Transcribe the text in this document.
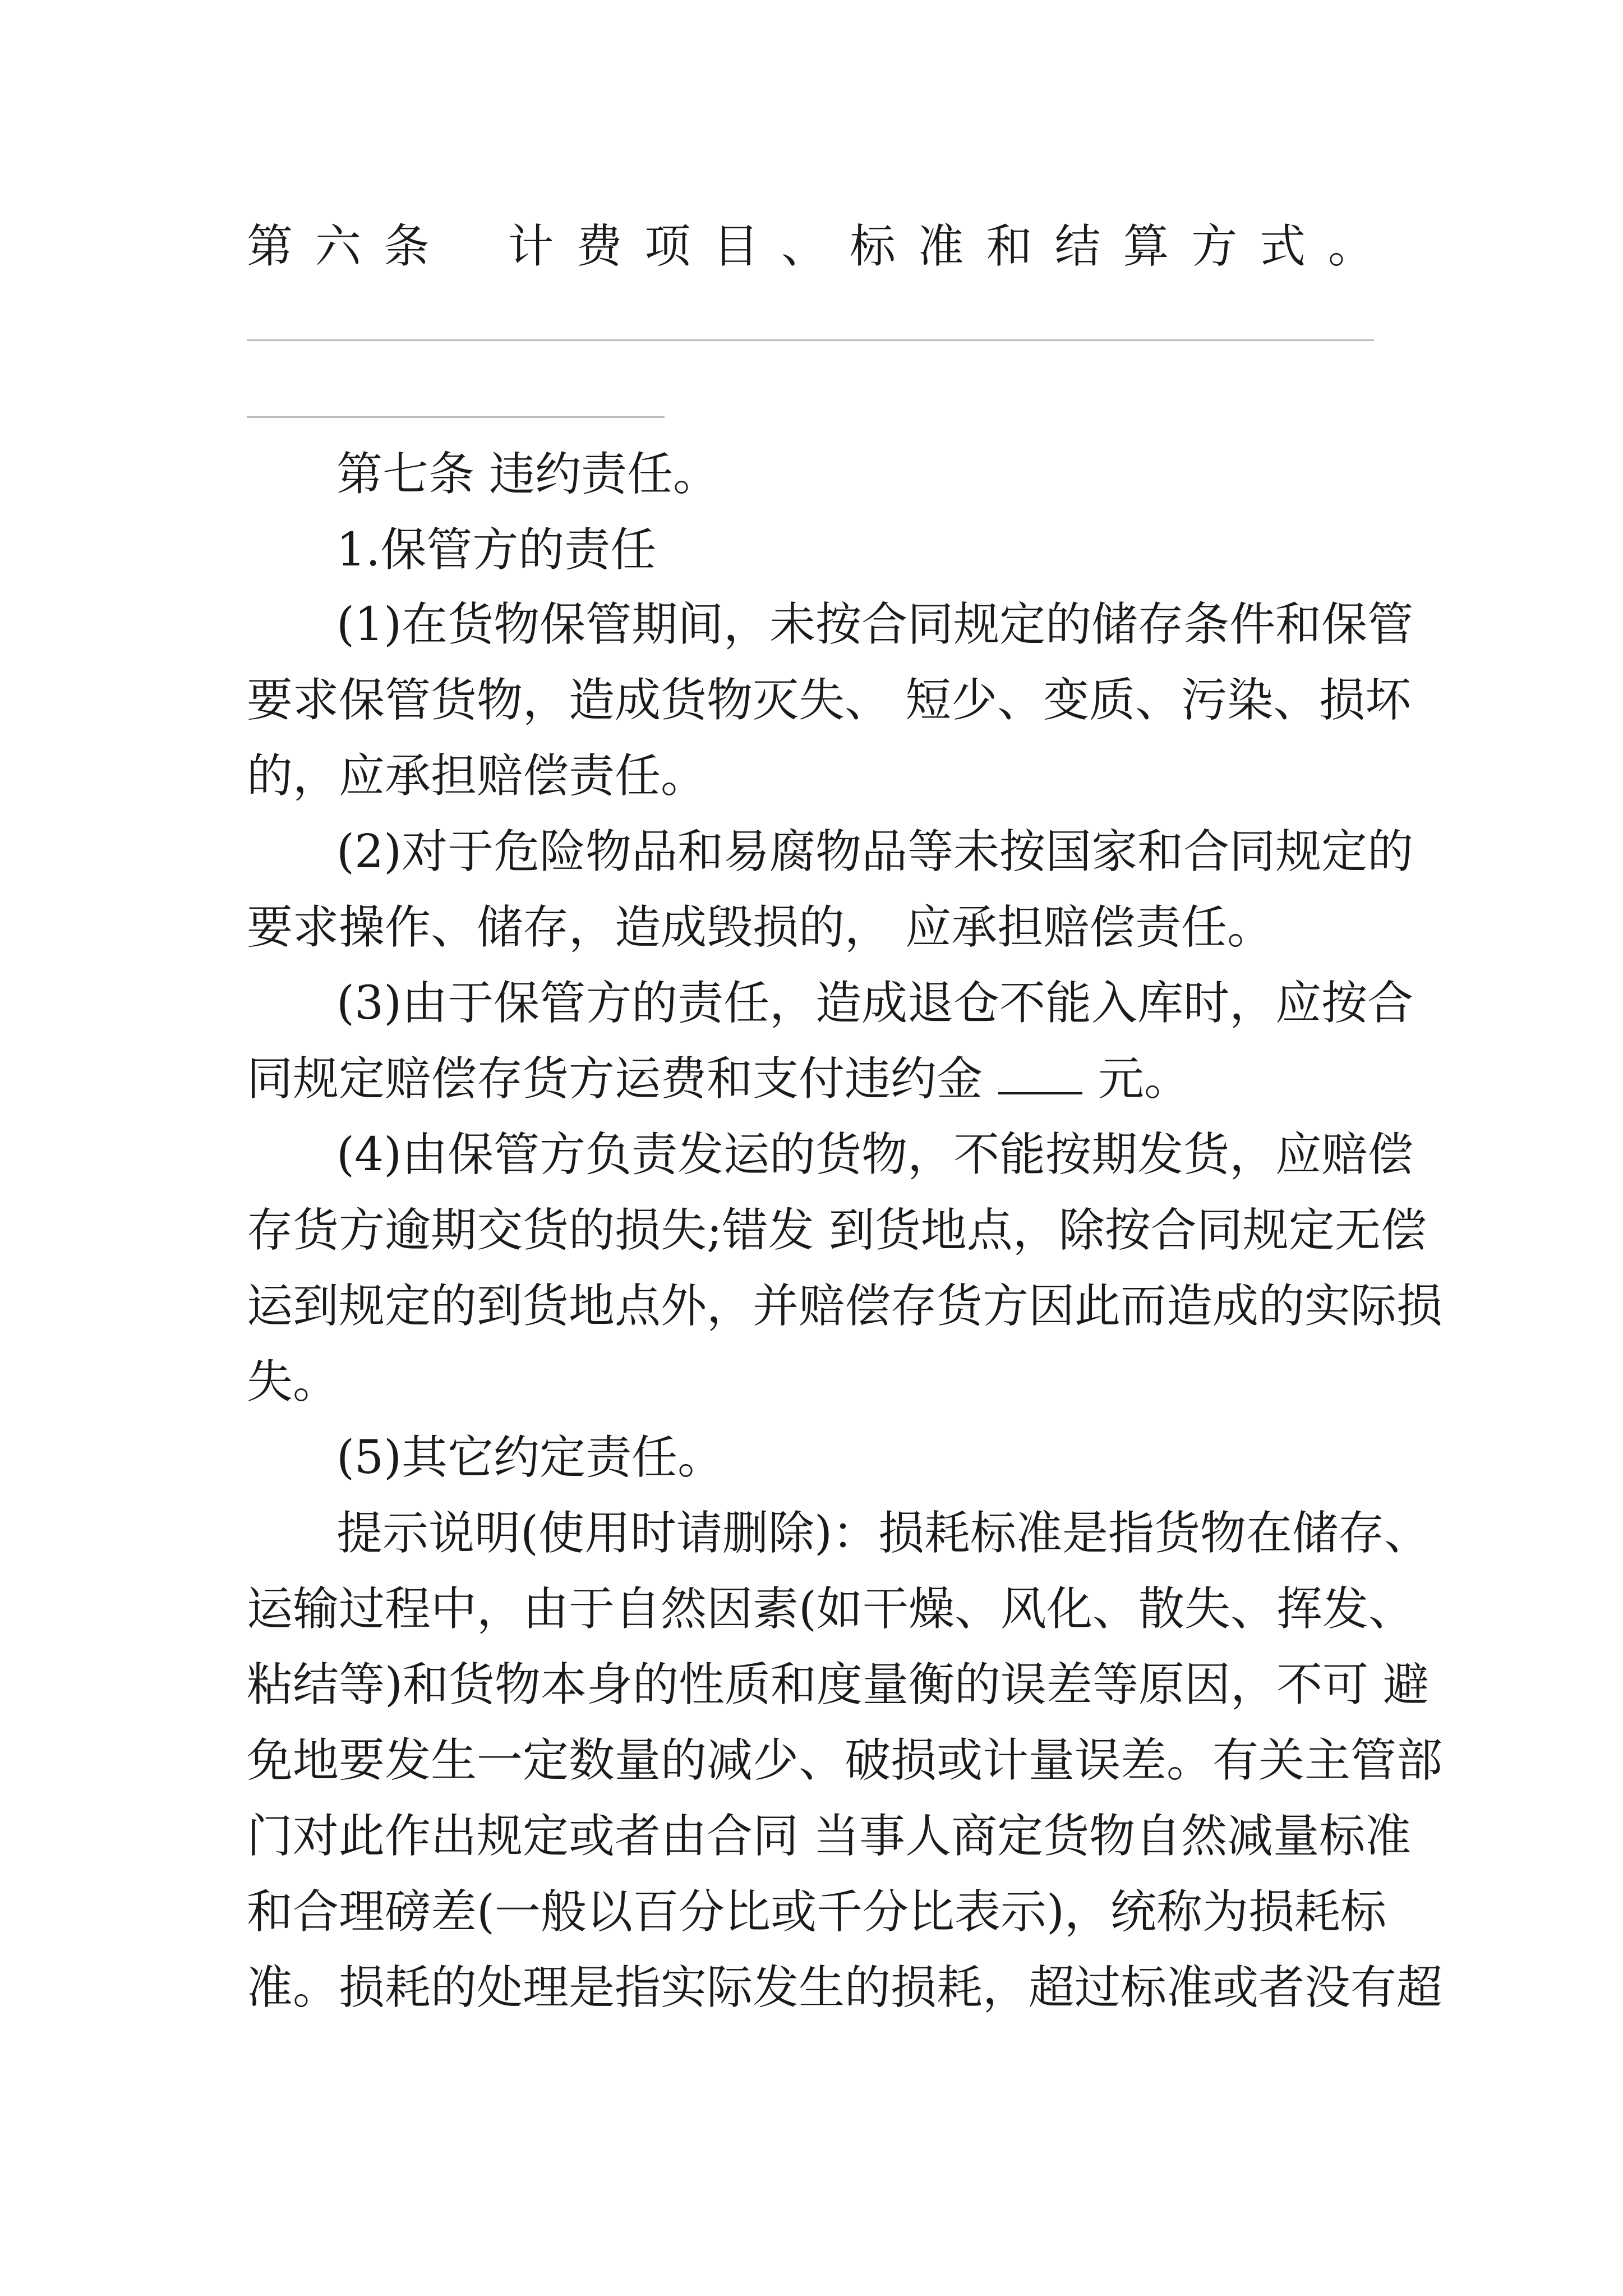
第 六 条 计 费 项 目 、 标 准 和 结 算 方 式 。
第七条 违约责任。
1.保管方的责任
(1)在货物保管期间，未按合同规定的储存条件和保管
要求保管货物，造成货物灭失、 短少、变质、污染、损坏
的，应承担赔偿责任。
(2)对于危险物品和易腐物品等未按国家和合同规定的
要求操作、储存，造成毁损的， 应承担赔偿责任。
(3)由于保管方的责任，造成退仓不能入库时，应按合
同规定赔偿存货方运费和支付违约金	元。
(4)由保管方负责发运的货物，不能按期发货，应赔偿
存货方逾期交货的损失;错发 到货地点，除按合同规定无偿
运到规定的到货地点外，并赔偿存货方因此而造成的实际损
失。
(5)其它约定责任。
提示说明(使用时请删除)：损耗标准是指货物在储存、
运输过程中，由于自然因素(如干燥、风化、散失、挥发、
粘结等)和货物本身的性质和度量衡的误差等原因，不可 避
免地要发生一定数量的减少、破损或计量误差。有关主管部
门对此作出规定或者由合同 当事人商定货物自然减量标准
和合理磅差(一般以百分比或千分比表示)，统称为损耗标
准。损耗的处理是指实际发生的损耗，超过标准或者没有超
